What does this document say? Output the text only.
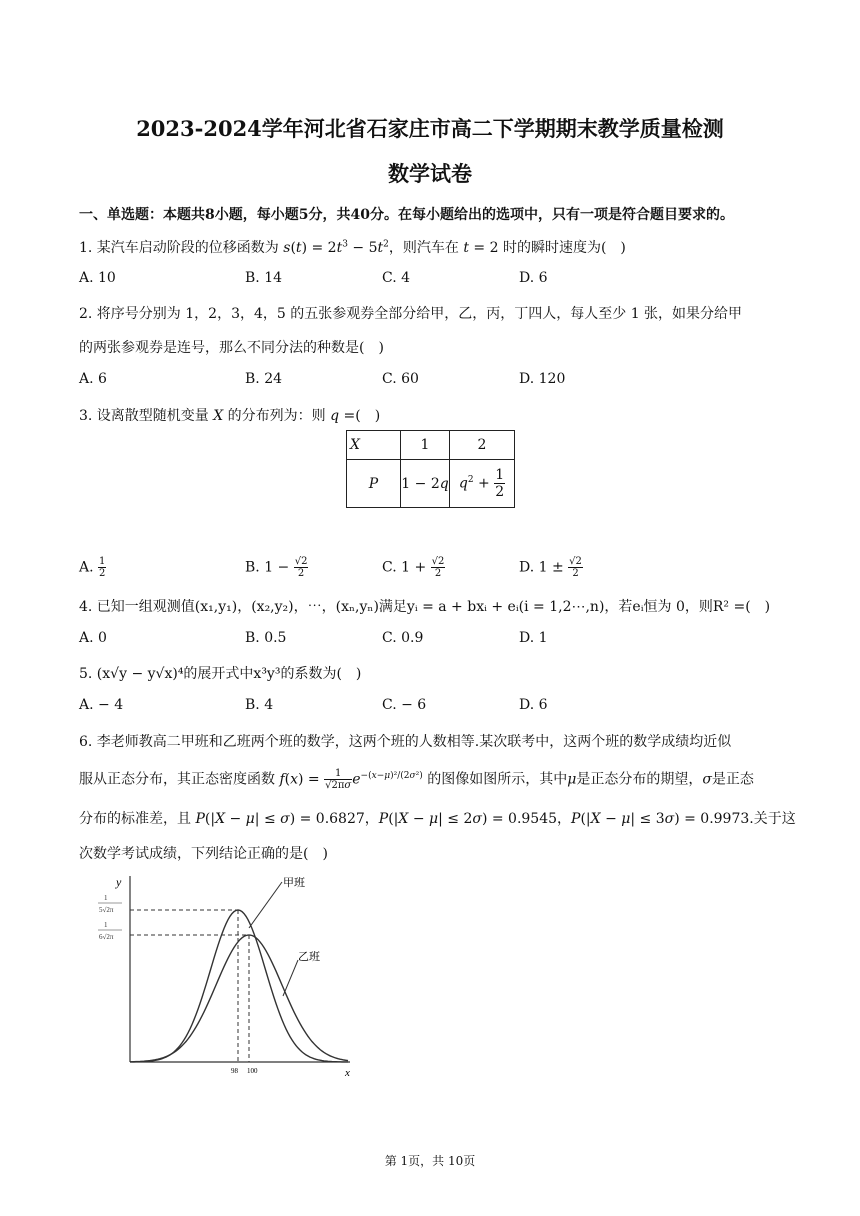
2023-2024学年河北省石家庄市高二下学期期末教学质量检测
数学试卷
一、单选题：本题共8小题，每小题5分，共40分。在每小题给出的选项中，只有一项是符合题目要求的。
1. 某汽车启动阶段的位移函数为 $s(t) = 2t^3 - 5t^2$，则汽车在 t = 2 时的瞬时速度为(　)
A. 10	B. 14	C. 4	D. 6
2. 将序号分别为 1，2，3，4，5 的五张参观券全部分给甲，乙，丙，丁四人，每人至少 1 张，如果分给甲
的两张参观券是连号，那么不同分法的种数是(　)
A. 6	B. 24	C. 60	D. 120
3. 设离散型随机变量 X 的分布列为：则 q =(　)
X	1	2
P	1 − 2q	$q^2 + \frac{1}{2}$
A. $\frac{1}{2}$	B. $1 - \frac{√2}{2}$	C. $1 + \frac{√2}{2}$	D. $1 \pm \frac{√2}{2}$
4. 已知一组观测值(x₁,y₁)，(x₂,y₂)，⋯，(xₙ,yₙ)满足yᵢ = a + bxᵢ + eᵢ(i = 1,2⋯,n)，若eᵢ恒为 0，则R² =(　)
A. 0	B. 0.5	C. 0.9	D. 1
5. (x√y − y√x)⁴的展开式中x³y³的系数为(　)
A. − 4	B. 4	C. − 6	D. 6
6. 李老师教高二甲班和乙班两个班的数学，这两个班的人数相等.某次联考中，这两个班的数学成绩均近似
服从正态分布，其正态密度函数 $f(x) = \frac{1}{√2\pi\sigma} e^{-(x-\mu)^2/(2\sigma^2)}$ 的图像如图所示，其中μ是正态分布的期望，σ是正态
分布的标准差，且 P(|X − μ| ≤ σ) = 0.6827，P(|X − μ| ≤ 2σ) = 0.9545，P(|X − μ| ≤ 3σ) = 0.9973.关于这
次数学考试成绩，下列结论正确的是(　)
y
x
1
5√2π
1
6√2π
98 100
甲班
乙班
第 1页，共 10页
